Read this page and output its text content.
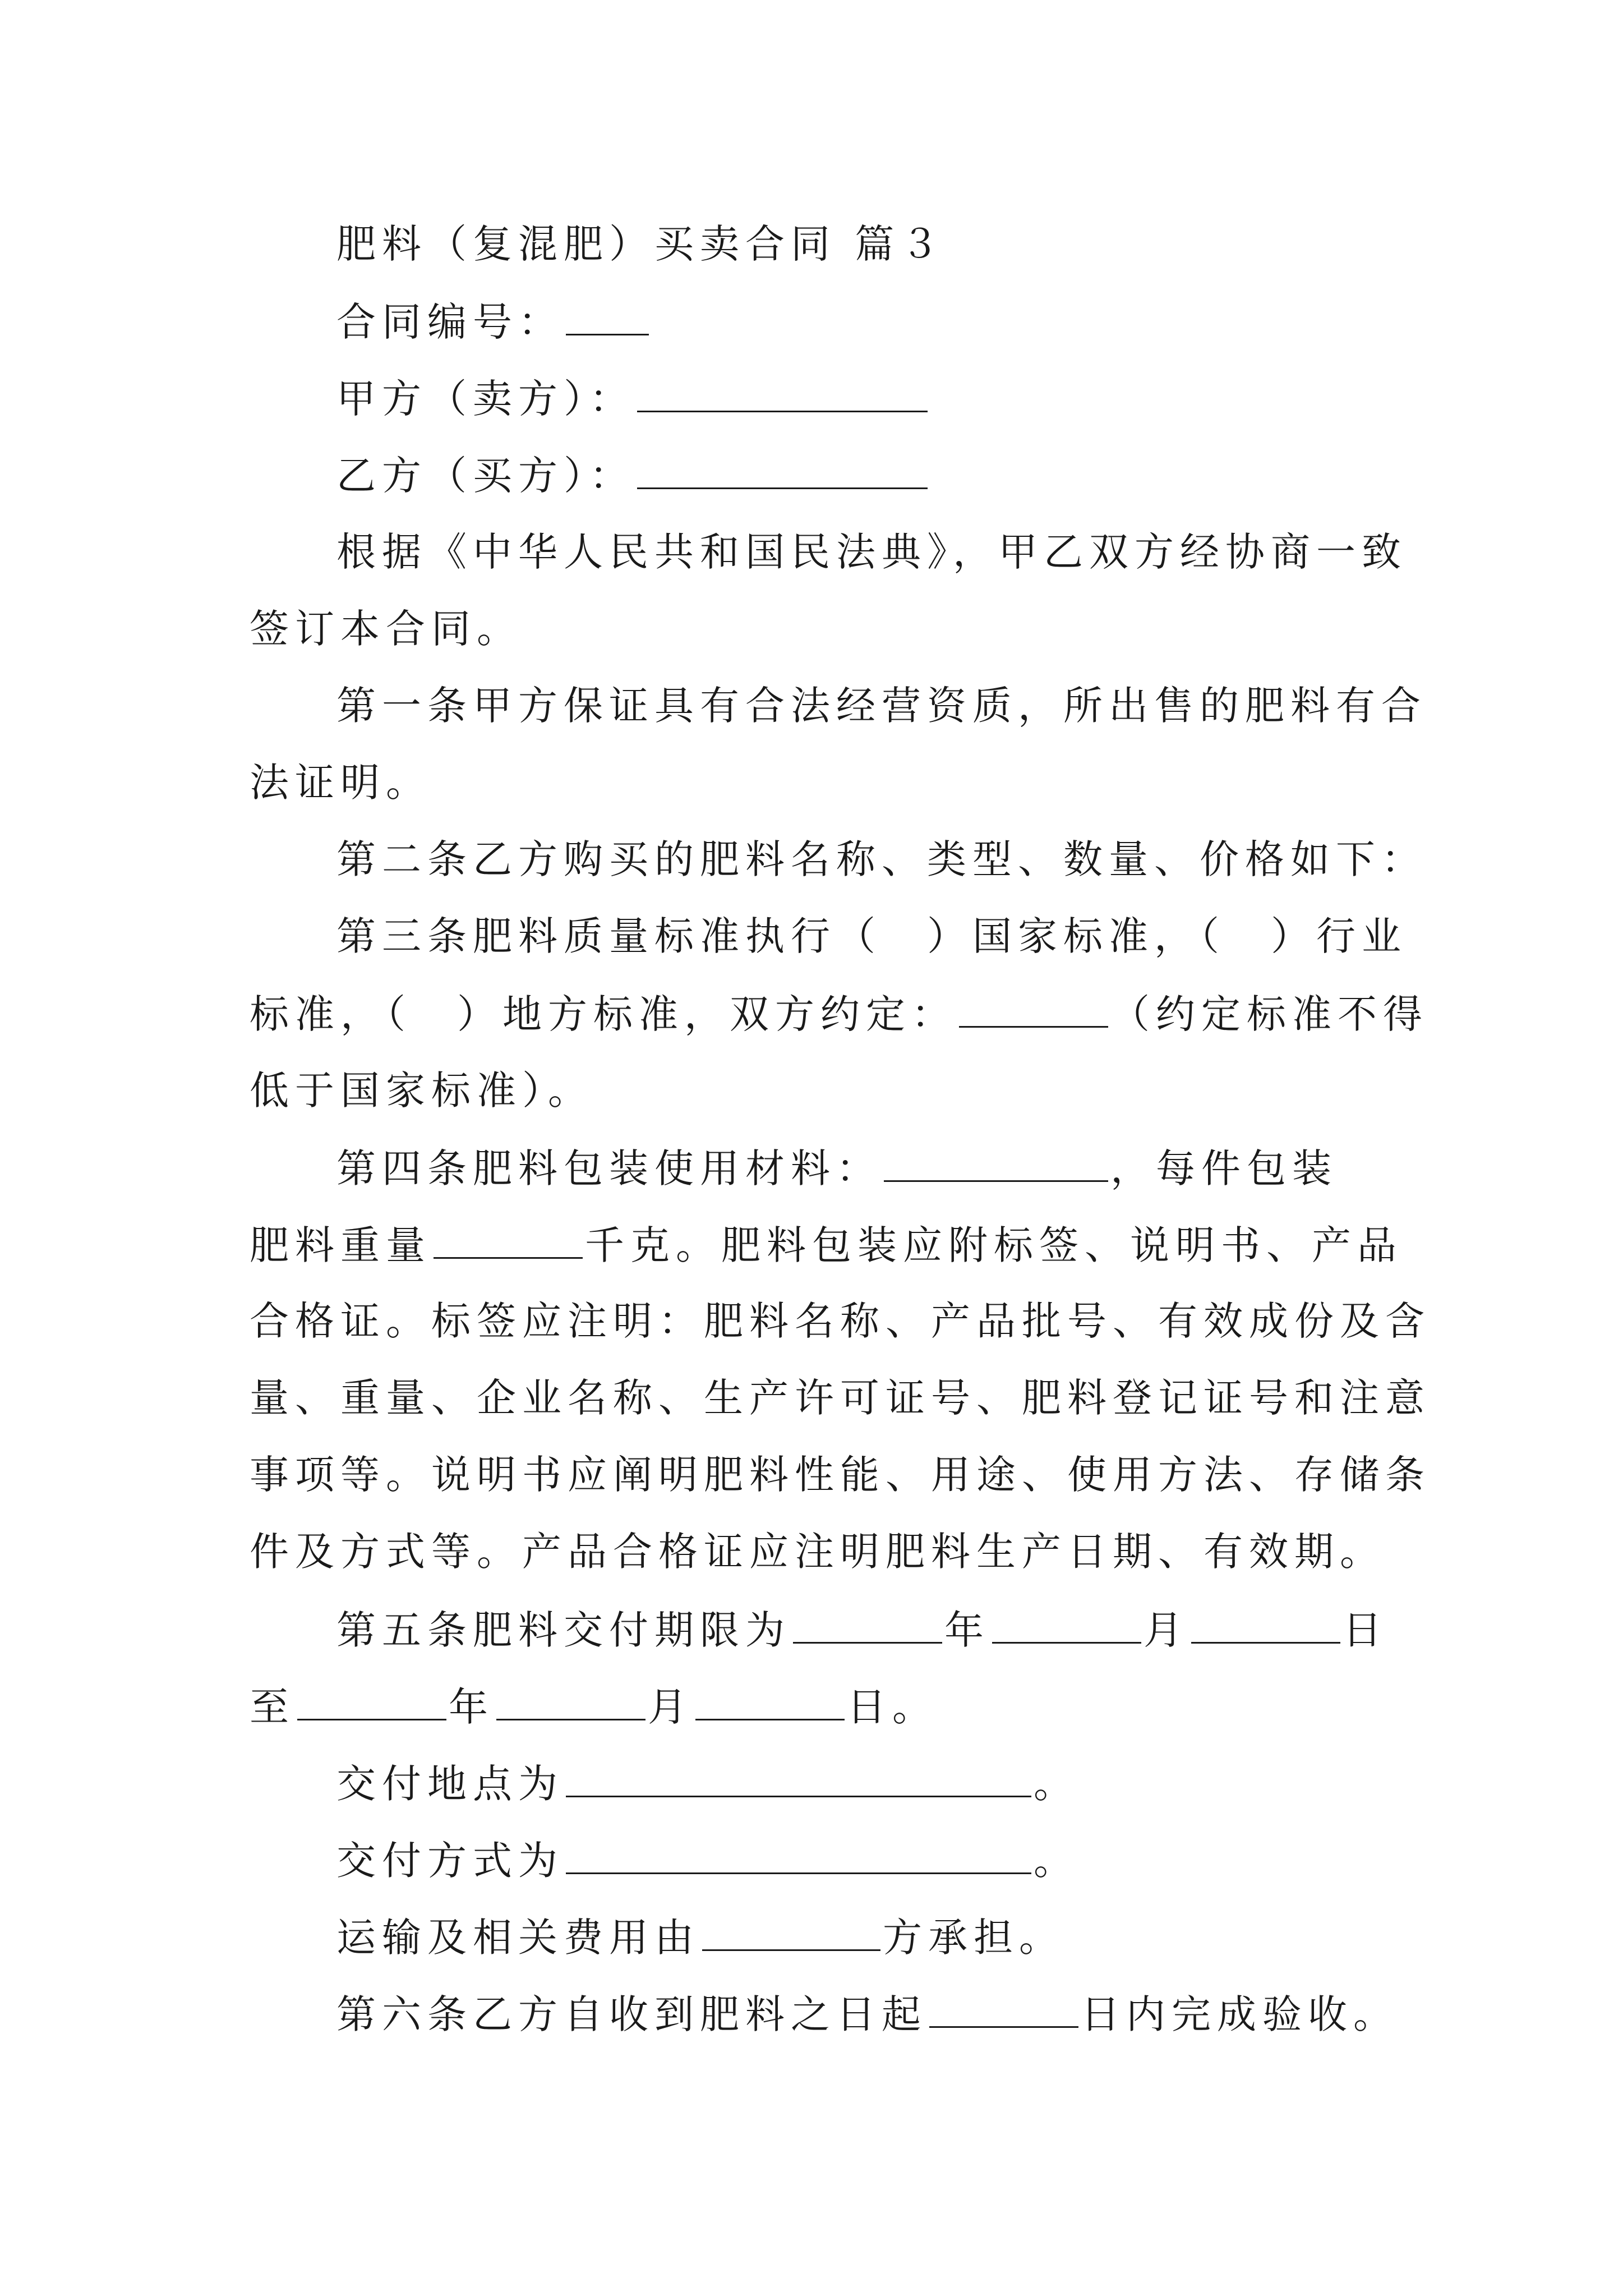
肥料（复混肥）买卖合同 篇３
合同编号：
甲方（卖方）：
乙方（买方）：
根据《中华人民共和国民法典》，甲乙双方经协商一致
签订本合同。
第一条甲方保证具有合法经营资质，所出售的肥料有合
法证明。
第二条乙方购买的肥料名称、类型、数量、价格如下：
第三条肥料质量标准执行（　）国家标准，（　）行业
标准，（　）地方标准，双方约定：	（约定标准不得
低于国家标准）。
第四条肥料包装使用材料：	，每件包装
肥料重量	千克。肥料包装应附标签、说明书、产品
合格证。标签应注明：肥料名称、产品批号、有效成份及含
量、重量、企业名称、生产许可证号、肥料登记证号和注意
事项等。说明书应阐明肥料性能、用途、使用方法、存储条
件及方式等。产品合格证应注明肥料生产日期、有效期。
第五条肥料交付期限为	年	月	日
至	年	月	日。
交付地点为	。
交付方式为	。
运输及相关费用由	方承担。
第六条乙方自收到肥料之日起	日内完成验收。
